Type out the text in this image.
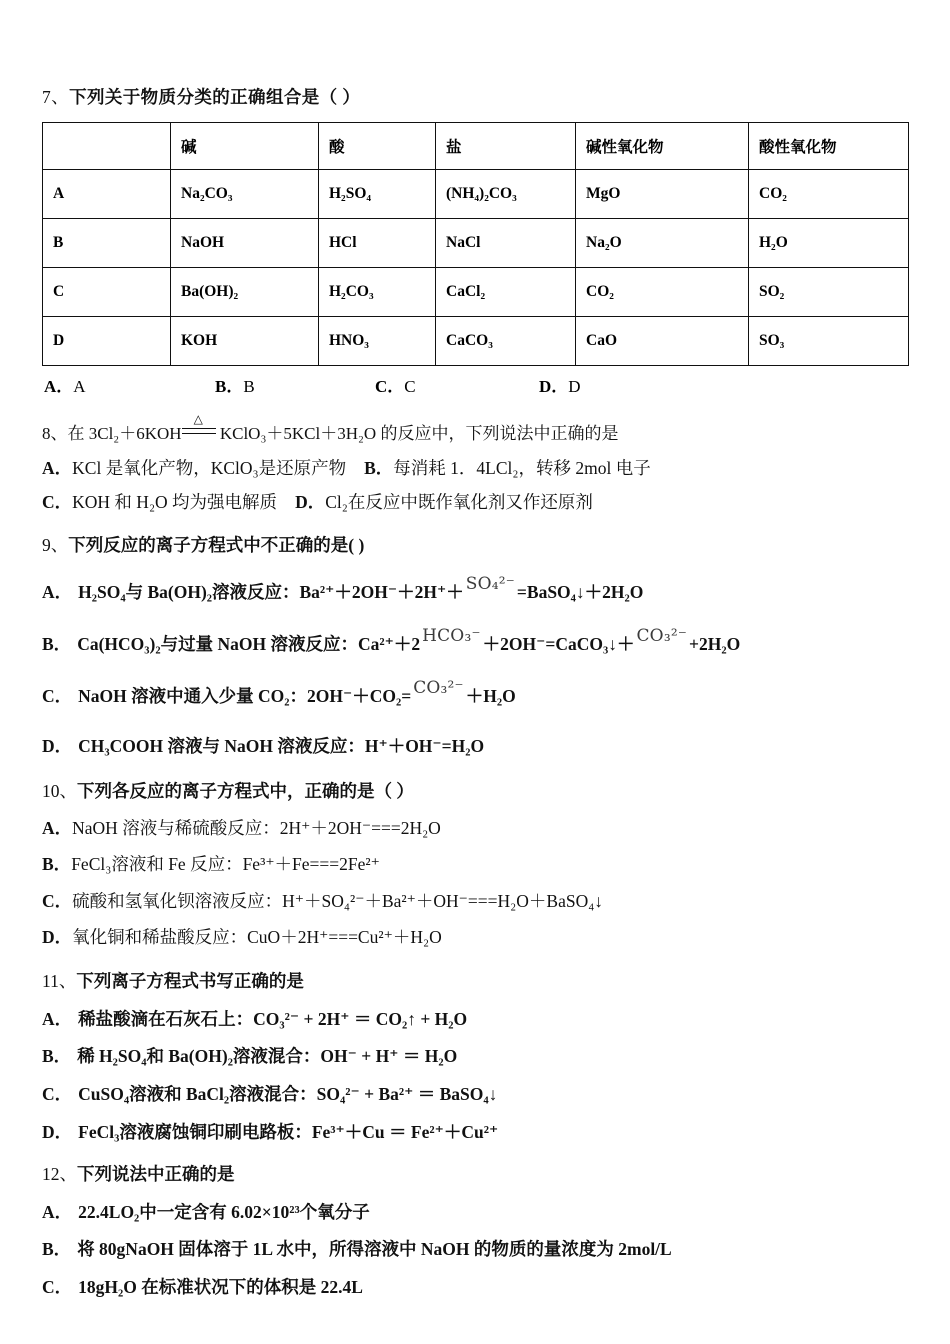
7、下列关于物质分类的正确组合是（ ）
	碱	酸	盐	碱性氧化物	酸性氧化物
A	Na₂CO₃	H₂SO₄	(NH₄)₂CO₃	MgO	CO₂
B	NaOH	HCl	NaCl	Na₂O	H₂O
C	Ba(OH)₂	H₂CO₃	CaCl₂	CO₂	SO₂
D	KOH	HNO₃	CaCO₃	CaO	SO₃
A．A	B．B	C．C	D．D
8、在 3Cl₂＋6KOH
△
KClO₃＋5KCl＋3H₂O 的反应中，下列说法中正确的是
A．KCl 是氧化产物，KClO₃是还原产物 B．每消耗 1．4LCl₂，转移 2mol 电子
C．KOH 和 H₂O 均为强电解质 D．Cl₂在反应中既作氧化剂又作还原剂
9、下列反应的离子方程式中不正确的是( )
A． H₂SO₄与 Ba(OH)₂溶液反应：Ba²⁺＋2OH⁻＋2H⁺＋ SO₄²⁻ =BaSO₄↓＋2H₂O
B． Ca(HCO₃)₂与过量 NaOH 溶液反应：Ca²⁺＋2 HCO₃⁻ ＋2OH⁻=CaCO₃↓＋ CO₃²⁻ +2H₂O
C． NaOH 溶液中通入少量 CO₂：2OH⁻＋CO₂= CO₃²⁻ ＋H₂O
D． CH₃COOH 溶液与 NaOH 溶液反应：H⁺＋OH⁻=H₂O
10、下列各反应的离子方程式中，正确的是（ ）
A．NaOH 溶液与稀硫酸反应：2H⁺＋2OH⁻===2H₂O
B．FeCl₃溶液和 Fe 反应：Fe³⁺＋Fe===2Fe²⁺
C．硫酸和氢氧化钡溶液反应：H⁺＋SO₄²⁻＋Ba²⁺＋OH⁻===H₂O＋BaSO₄↓
D．氧化铜和稀盐酸反应：CuO＋2H⁺===Cu²⁺＋H₂O
11、下列离子方程式书写正确的是
A． 稀盐酸滴在石灰石上：CO₃²⁻ + 2H⁺ ＝ CO₂↑ + H₂O
B． 稀 H₂SO₄和 Ba(OH)₂溶液混合：OH⁻ + H⁺ ＝ H₂O
C． CuSO₄溶液和 BaCl₂溶液混合：SO₄²⁻ + Ba²⁺ ＝ BaSO₄↓
D． FeCl₃溶液腐蚀铜印刷电路板：Fe³⁺＋Cu ＝ Fe²⁺＋Cu²⁺
12、下列说法中正确的是
A． 22.4LO₂中一定含有 6.02×10²³个氧分子
B． 将 80gNaOH 固体溶于 1L 水中，所得溶液中 NaOH 的物质的量浓度为 2mol/L
C． 18gH₂O 在标准状况下的体积是 22.4L
